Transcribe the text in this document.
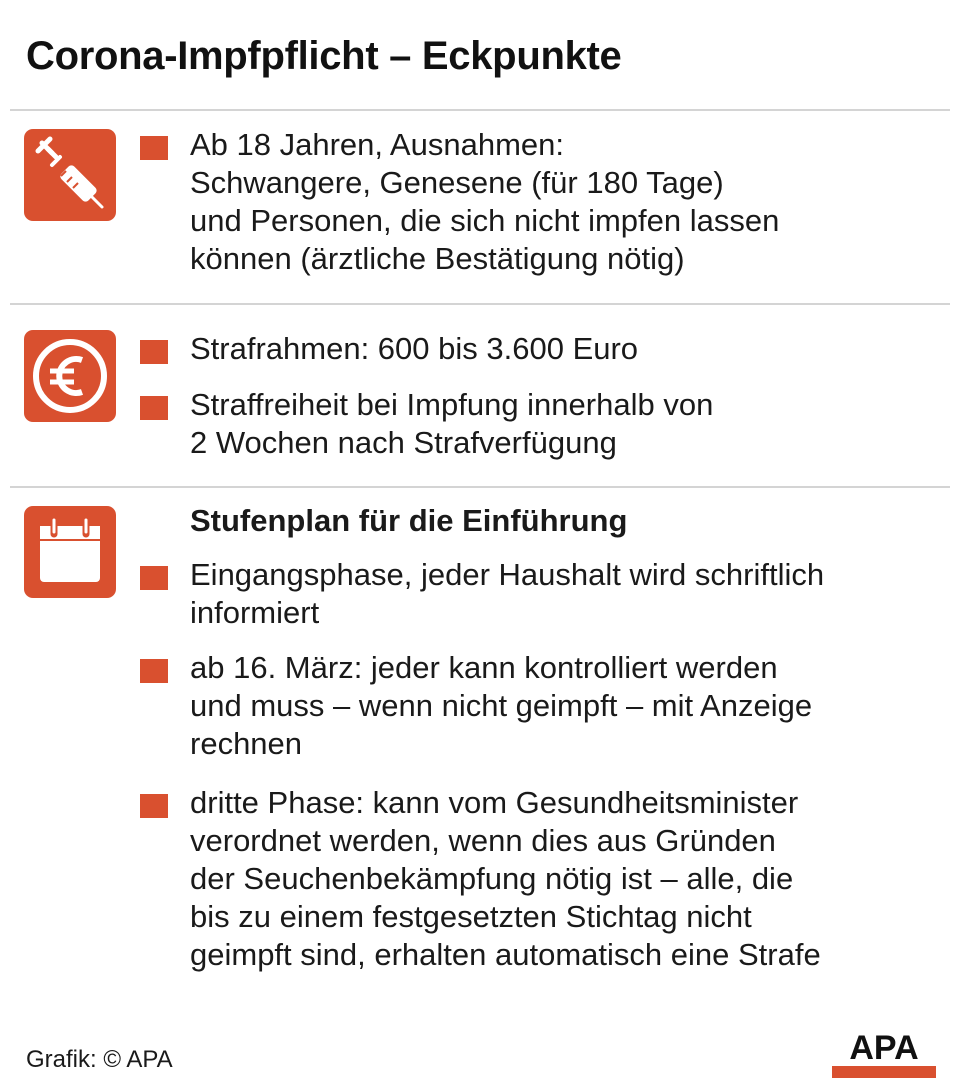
Corona-Impfpflicht – Eckpunkte
Ab 18 Jahren, Ausnahmen:
Schwangere, Genesene (für 180 Tage)
und Personen, die sich nicht impfen lassen
können (ärztliche Bestätigung nötig)
Strafrahmen: 600 bis 3.600 Euro
Straffreiheit bei Impfung innerhalb von
2 Wochen nach Strafverfügung
Stufenplan für die Einführung
Eingangsphase, jeder Haushalt wird schriftlich
informiert
ab 16. März: jeder kann kontrolliert werden
und muss – wenn nicht geimpft – mit Anzeige
rechnen
dritte Phase: kann vom Gesundheitsminister
verordnet werden, wenn dies aus Gründen
der Seuchenbekämpfung nötig ist – alle, die
bis zu einem festgesetzten Stichtag nicht
geimpft sind, erhalten automatisch eine Strafe
Grafik: © APA	APA
